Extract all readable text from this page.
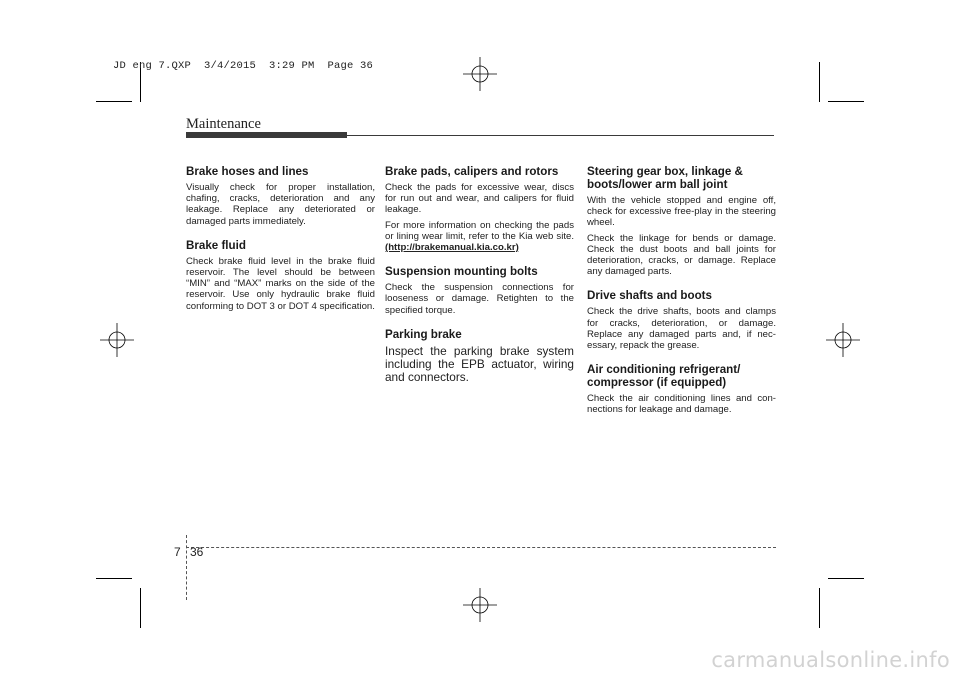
JD eng 7.QXP  3/4/2015  3:29 PM  Page 36
Maintenance
Brake hoses and lines
Visually check for proper installation, chafing, cracks, deterioration and any leakage. Replace any deteriorated or damaged parts immediately.
Brake fluid
Check brake fluid level in the brake fluid reservoir. The level should be between “MIN” and “MAX” marks on the side of the reservoir. Use only hydraulic brake fluid conforming to DOT 3 or DOT 4 specification.
Brake pads, calipers and rotors
Check the pads for excessive wear, discs for run out and wear, and calipers for fluid leakage.
For more information on checking the pads or lining wear limit, refer to the Kia web site. (http://brakemanual.kia.co.kr)
Suspension mounting bolts
Check the suspension connections for looseness or damage. Retighten to the specified torque.
Parking brake
Inspect the parking brake system including the EPB actuator, wiring and connectors.
Steering gear box, linkage & boots/lower arm ball joint
With the vehicle stopped and engine off, check for excessive free-play in the steering wheel.
Check the linkage for bends or damage. Check the dust boots and ball joints for deterioration, cracks, or damage. Replace any damaged parts.
Drive shafts and boots
Check the drive shafts, boots and clamps for cracks, deterioration, or damage. Replace any damaged parts and, if nec- essary, repack the grease.
Air conditioning refrigerant/ compressor (if equipped)
Check the air conditioning lines and con- nections for leakage and damage.
7 36
carmanualsonline.info
